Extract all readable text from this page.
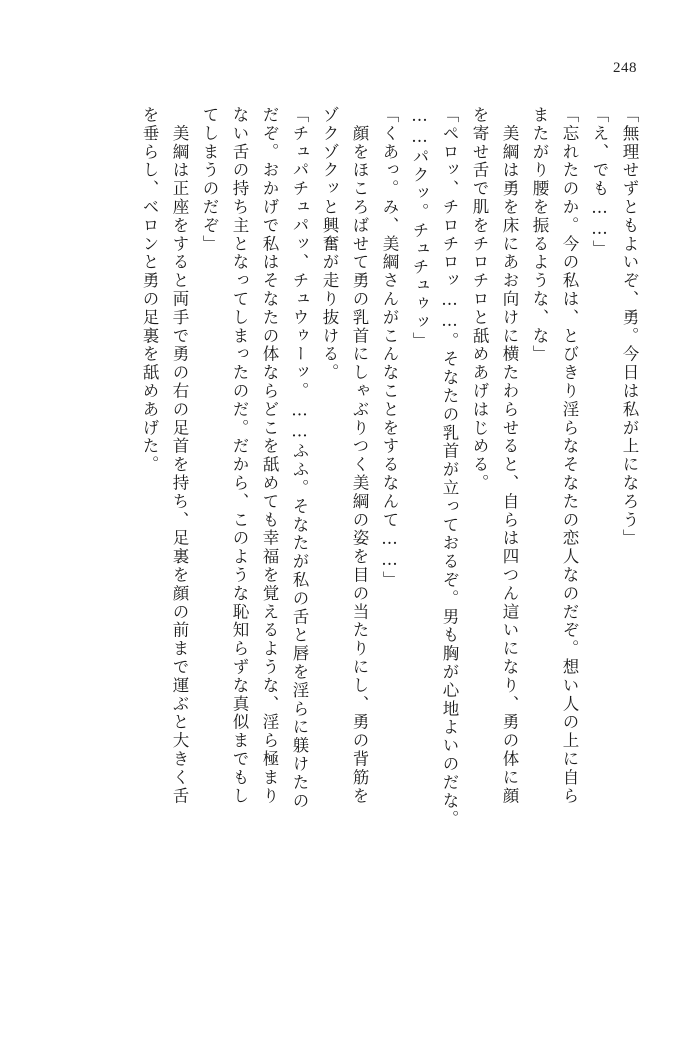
248
「無理せずともよいぞ、勇。今日は私が上になろう」
「え、でも……」
「忘れたのか。今の私は、とびきり淫らなそなたの恋人なのだぞ。想い人の上に自ら
またがり腰を振るような、な」
　美綱は勇を床にあお向けに横たわらせると、自らは四つん這いになり、勇の体に顔
を寄せ舌で肌をチロチロと舐めあげはじめる。
「ペロッ、チロチロッ……。そなたの乳首が立っておるぞ。男も胸が心地よいのだな。
……パクッ。チュチュゥッ」
「くあっ。み、美綱さんがこんなことをするなんて……」
　顔をほころばせて勇の乳首にしゃぶりつく美綱の姿を目の当たりにし、勇の背筋を
ゾクゾクッと興奮が走り抜ける。
「チュパチュパッ、チュウゥーッ。……ふふ。そなたが私の舌と唇を淫らに躾けたの
だぞ。おかげで私はそなたの体ならどこを舐めても幸福を覚えるような、淫ら極まり
ない舌の持ち主となってしまったのだ。だから、このような恥知らずな真似までもし
てしまうのだぞ」
　美綱は正座をすると両手で勇の右の足首を持ち、足裏を顔の前まで運ぶと大きく舌
を垂らし、ベロンと勇の足裏を舐めあげた。
